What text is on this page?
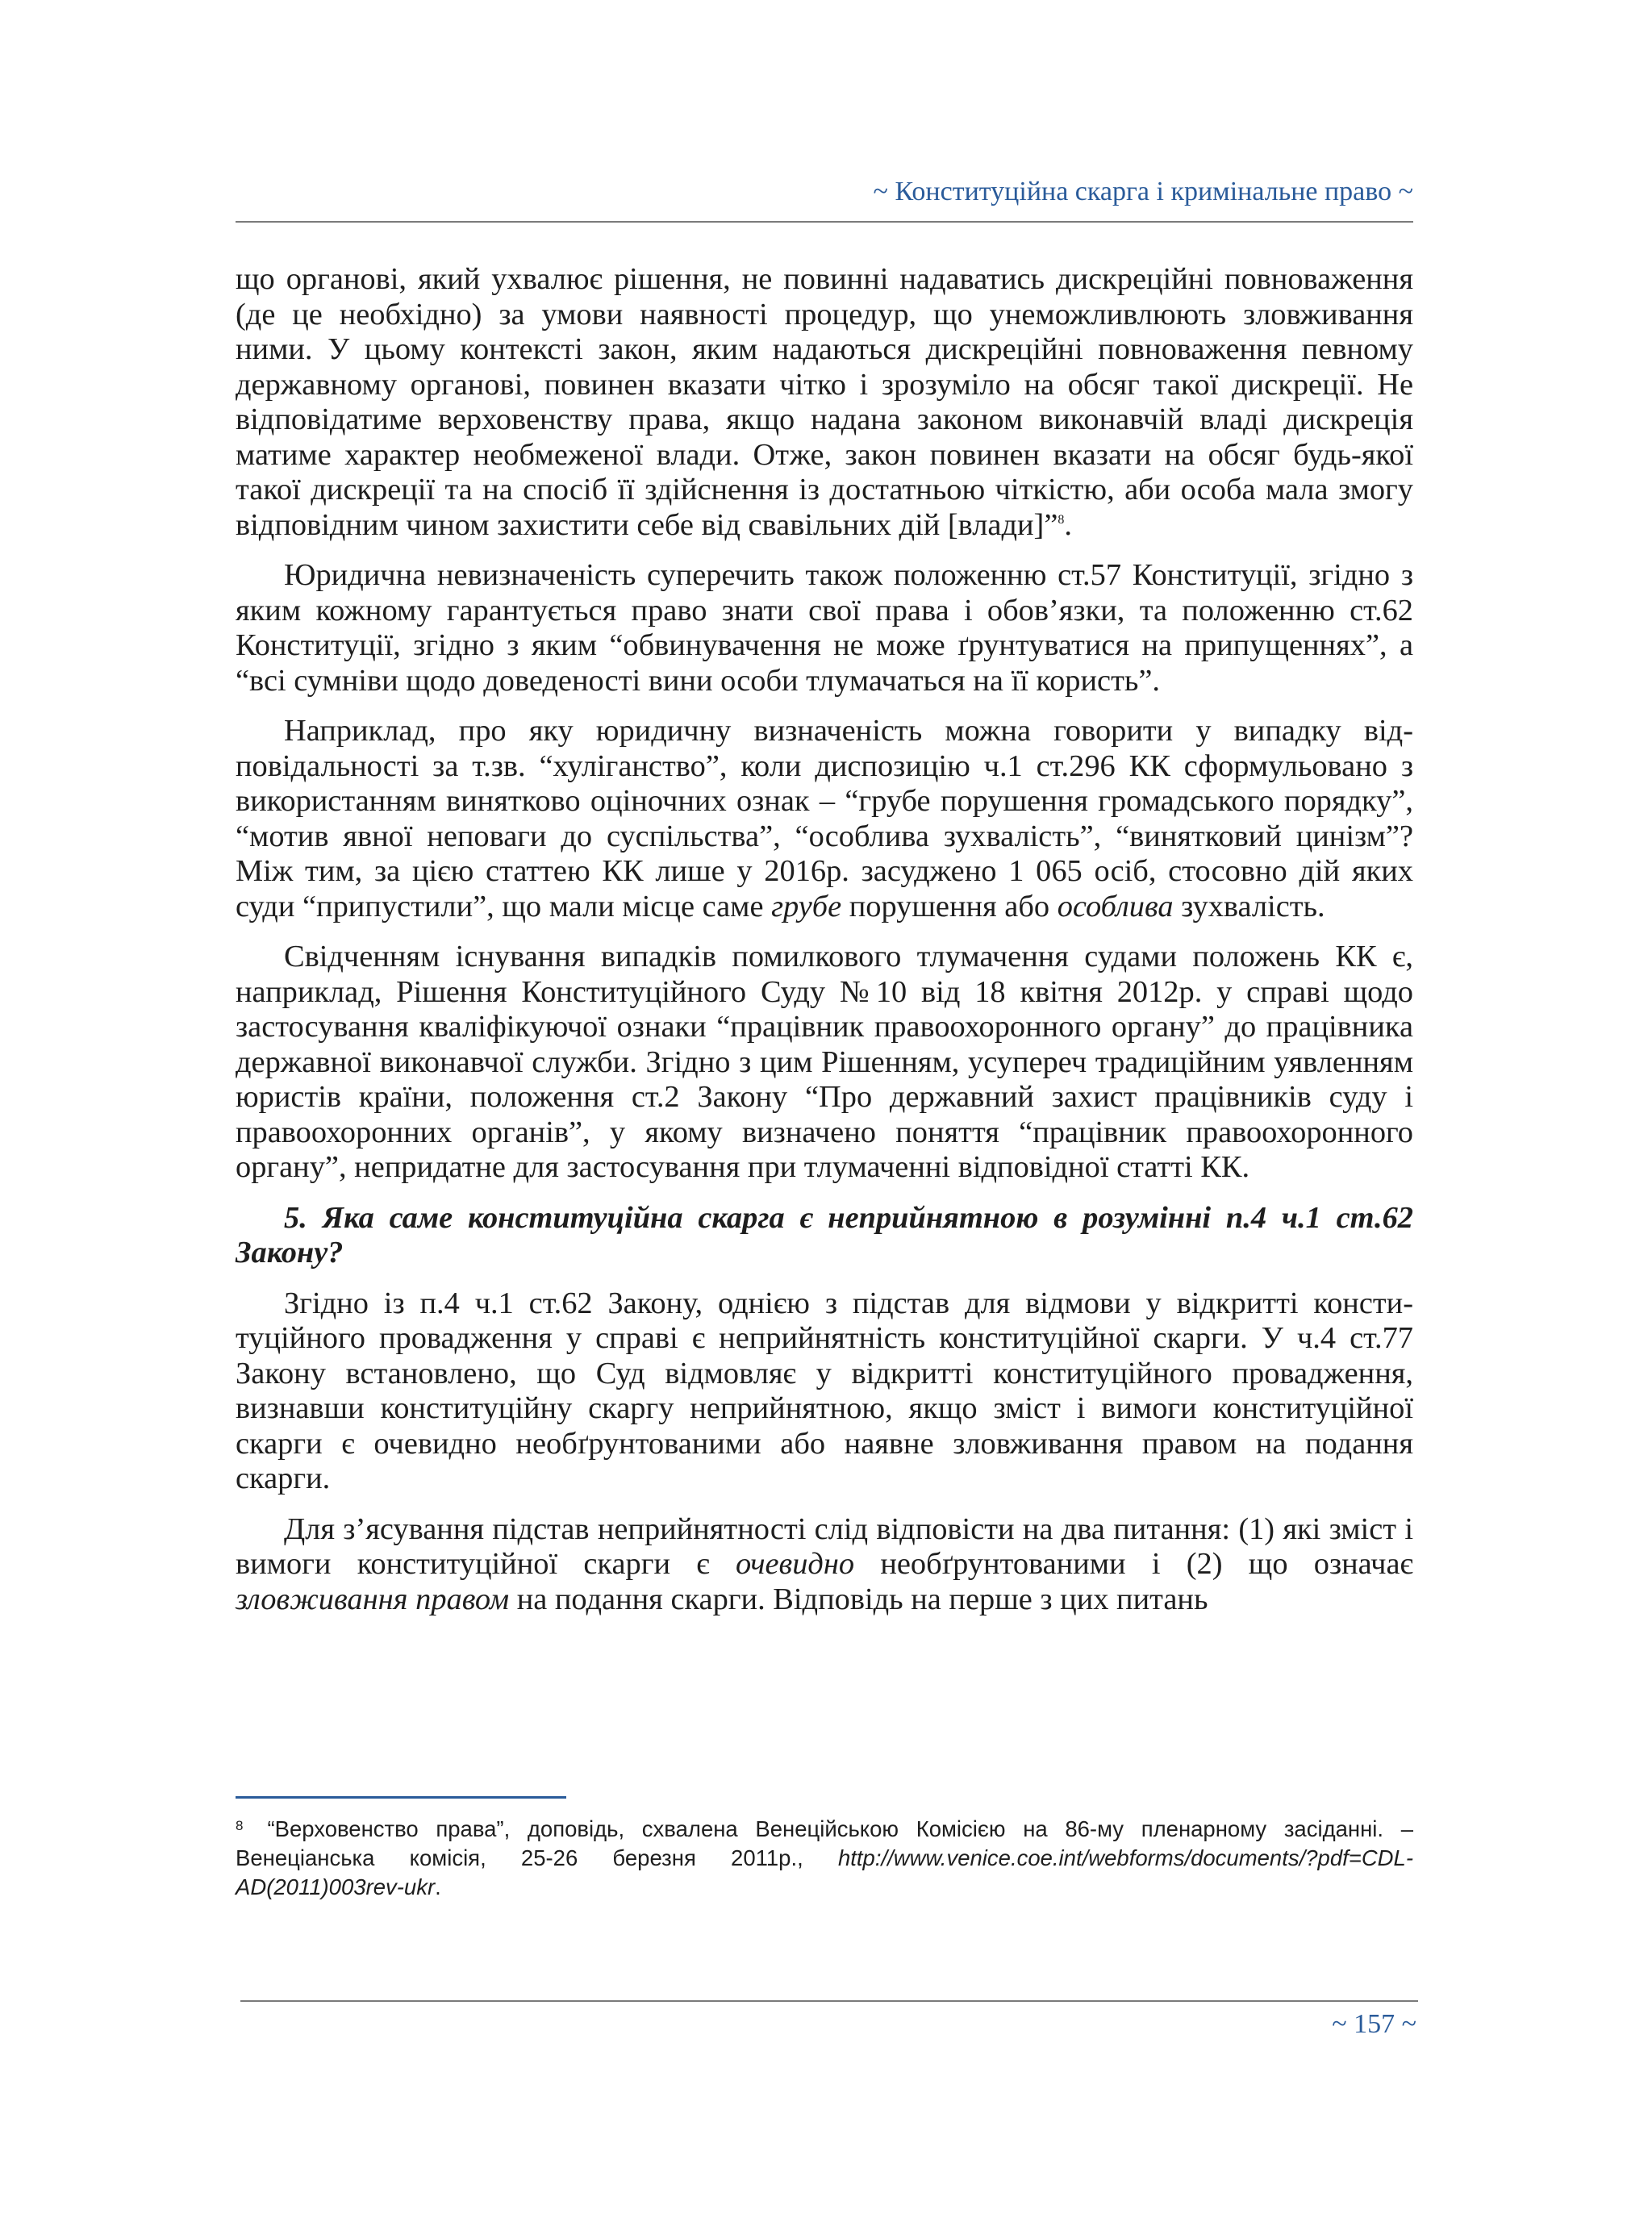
~ Конституційна скарга і кримінальне право ~

що органові, який ухвалює рішення, не повинні надаватись дискреційні повноваження (де це необхідно) за умови наявності процедур, що унеможливлюють зловживання ними. У цьому контексті закон, яким надаються дискреційні повноваження певному державному органові, повинен вказати чітко і зрозуміло на обсяг такої дискреції. Не відповідатиме верховенству права, якщо надана законом виконавчій владі дискреція матиме характер необмеженої влади. Отже, закон повинен вказати на обсяг будь-якої такої дискреції та на спосіб її здійснення із достатньою чіткістю, аби особа мала змогу відповідним чином захистити себе від свавільних дій [влади]”$^8$.

Юридична невизначеність суперечить також положенню ст.57 Конституції, згідно з яким кожному гарантується право знати свої права і обов’язки, та положенню ст.62 Конституції, згідно з яким “обвинувачення не може ґрунтуватися на припущеннях”, а “всі сумніви щодо доведеності вини особи тлумачаться на її користь”.

Наприклад, про яку юридичну визначеність можна говорити у випадку відповідальності за т.зв. “хуліганство”, коли диспозицію ч.1 ст.296 КК сформульовано з використанням винятково оціночних ознак – “грубе порушення громадського порядку”, “мотив явної неповаги до суспільства”, “особлива зухвалість”, “винятковий цинізм”? Між тим, за цією статтею КК лише у 2016р. засуджено 1 065 осіб, стосовно дій яких суди “припустили”, що мали місце саме грубе порушення або особлива зухвалість.

Свідченням існування випадків помилкового тлумачення судами положень КК є, наприклад, Рішення Конституційного Суду №10 від 18 квітня 2012р. у справі щодо застосування кваліфікуючої ознаки “працівник правоохоронного органу” до працівника державної виконавчої служби. Згідно з цим Рішенням, усупереч традиційним уявленням юристів країни, положення ст.2 Закону “Про державний захист працівників суду і правоохоронних органів”, у якому визначено поняття “працівник правоохоронного органу”, непридатне для застосування при тлумаченні відповідної статті КК.

5. Яка саме конституційна скарга є неприйнятною в розумінні п.4 ч.1 ст.62 Закону?

Згідно із п.4 ч.1 ст.62 Закону, однією з підстав для відмови у відкритті конституційного провадження у справі є неприйнятність конституційної скарги. У ч.4 ст.77 Закону встановлено, що Суд відмовляє у відкритті конституційного провадження, визнавши конституційну скаргу неприйнятною, якщо зміст і вимоги конституційної скарги є очевидно необґрунтованими або наявне зловживання правом на подання скарги.

Для з’ясування підстав неприйнятності слід відповісти на два питання: (1) які зміст і вимоги конституційної скарги є очевидно необґрунтованими і (2) що означає зловживання правом на подання скарги. Відповідь на перше з цих питань

$^8$ “Верховенство права”, доповідь, схвалена Венеційською Комісією на 86-му пленарному засіданні. – Венеціанська комісія, 25-26 березня 2011р., http://www.venice.coe.int/webforms/documents/?pdf=CDL-AD(2011)003rev-ukr.

~ 157 ~
